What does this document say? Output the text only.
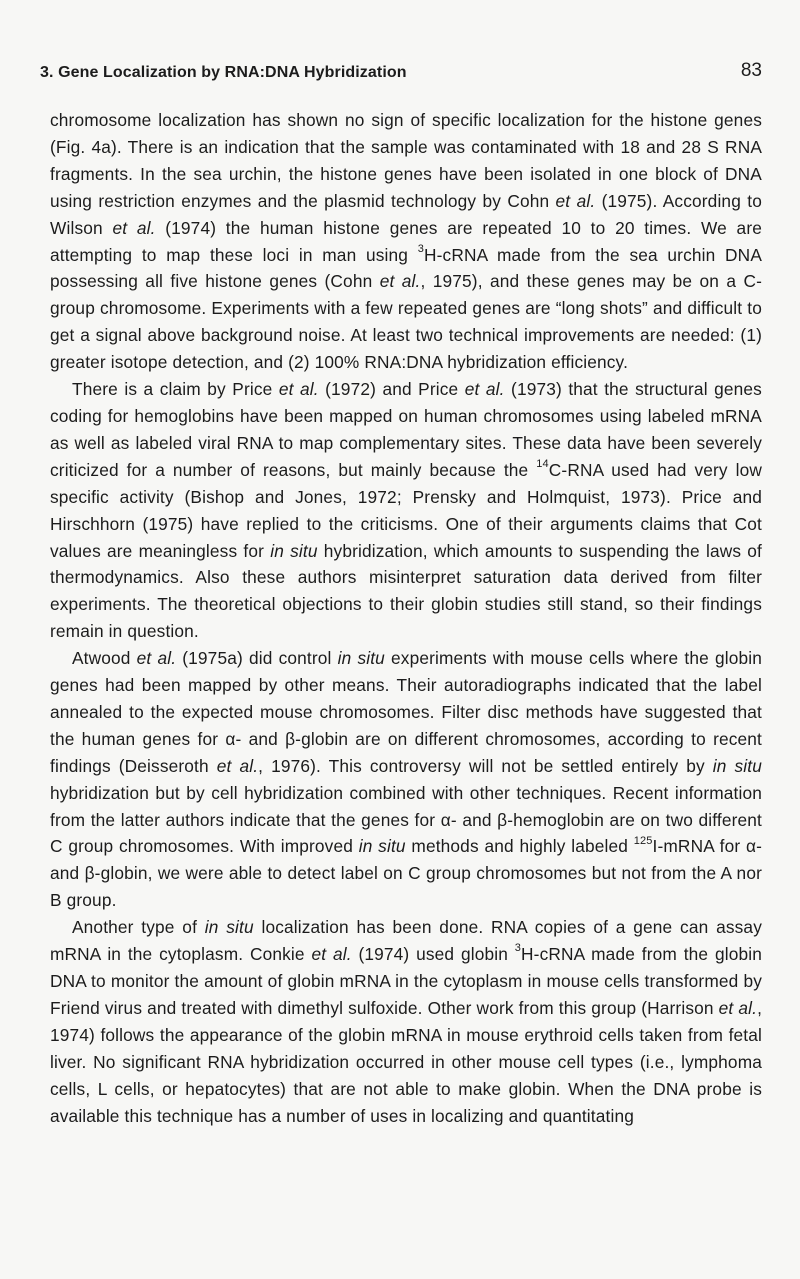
3. Gene Localization by RNA:DNA Hybridization	83

chromosome localization has shown no sign of specific localization for the histone genes (Fig. 4a). There is an indication that the sample was contaminated with 18 and 28 S RNA fragments. In the sea urchin, the histone genes have been isolated in one block of DNA using restriction enzymes and the plasmid technology by Cohn et al. (1975). According to Wilson et al. (1974) the human histone genes are repeated 10 to 20 times. We are attempting to map these loci in man using $^3$H-cRNA made from the sea urchin DNA possessing all five histone genes (Cohn et al., 1975), and these genes may be on a C-group chromosome. Experiments with a few repeated genes are “long shots” and difficult to get a signal above background noise. At least two technical improvements are needed: (1) greater isotope detection, and (2) 100% RNA:DNA hybridization efficiency.

There is a claim by Price et al. (1972) and Price et al. (1973) that the structural genes coding for hemoglobins have been mapped on human chromosomes using labeled mRNA as well as labeled viral RNA to map complementary sites. These data have been severely criticized for a number of reasons, but mainly because the $^{14}$C-RNA used had very low specific activity (Bishop and Jones, 1972; Prensky and Holmquist, 1973). Price and Hirschhorn (1975) have replied to the criticisms. One of their arguments claims that Cot values are meaningless for in situ hybridization, which amounts to suspending the laws of thermodynamics. Also these authors misinterpret saturation data derived from filter experiments. The theoretical objections to their globin studies still stand, so their findings remain in question.

Atwood et al. (1975a) did control in situ experiments with mouse cells where the globin genes had been mapped by other means. Their autoradiographs indicated that the label annealed to the expected mouse chromosomes. Filter disc methods have suggested that the human genes for α- and β-globin are on different chromosomes, according to recent findings (Deisseroth et al., 1976). This controversy will not be settled entirely by in situ hybridization but by cell hybridization combined with other techniques. Recent information from the latter authors indicate that the genes for α- and β-hemoglobin are on two different C group chromosomes. With improved in situ methods and highly labeled $^{125}$I-mRNA for α- and β-globin, we were able to detect label on C group chromosomes but not from the A nor B group.

Another type of in situ localization has been done. RNA copies of a gene can assay mRNA in the cytoplasm. Conkie et al. (1974) used globin $^3$H-cRNA made from the globin DNA to monitor the amount of globin mRNA in the cytoplasm in mouse cells transformed by Friend virus and treated with dimethyl sulfoxide. Other work from this group (Harrison et al., 1974) follows the appearance of the globin mRNA in mouse erythroid cells taken from fetal liver. No significant RNA hybridization occurred in other mouse cell types (i.e., lymphoma cells, L cells, or hepatocytes) that are not able to make globin. When the DNA probe is available this technique has a number of uses in localizing and quantitating
